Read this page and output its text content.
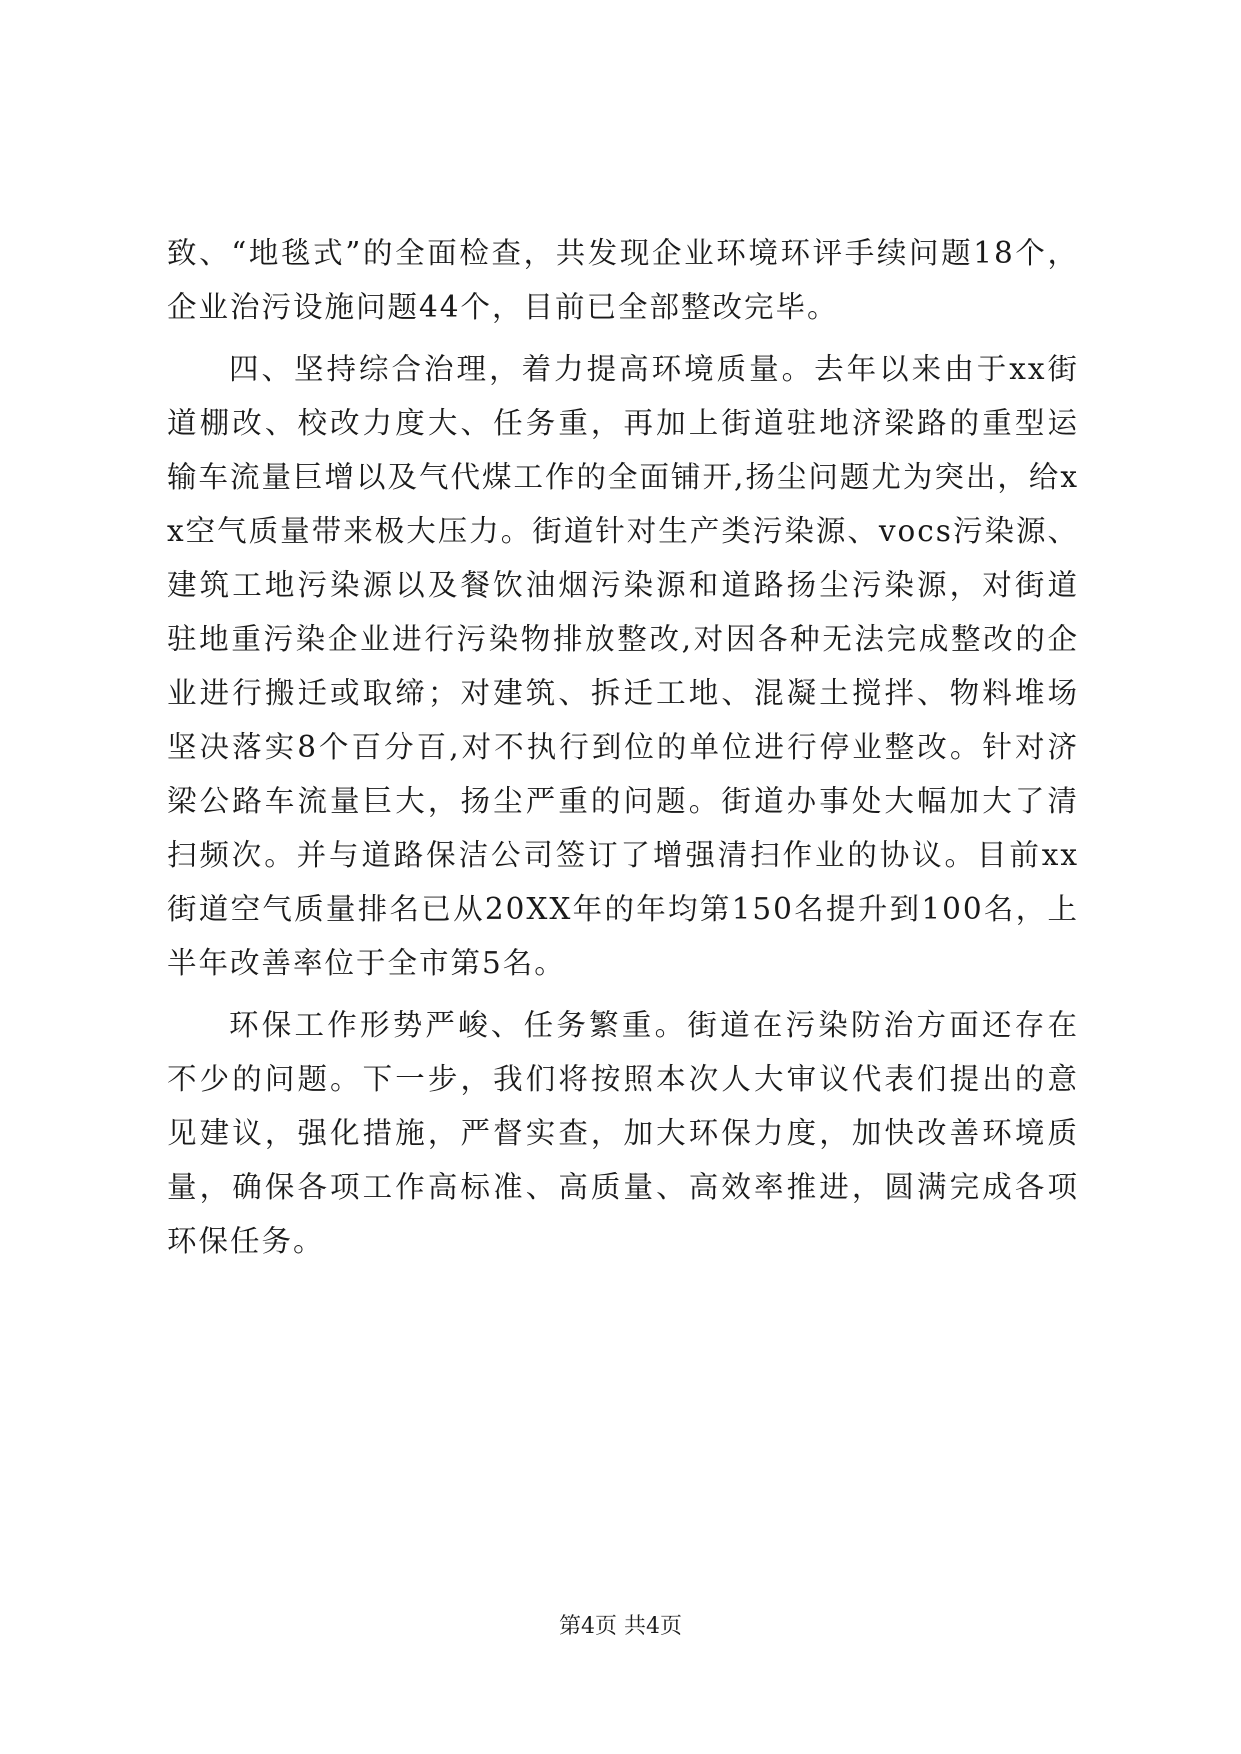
致、“地毯式”的全面检查，共发现企业环境环评手续问题18个，企业治污设施问题44个，目前已全部整改完毕。

四、坚持综合治理，着力提高环境质量。去年以来由于xx街道棚改、校改力度大、任务重，再加上街道驻地济梁路的重型运输车流量巨增以及气代煤工作的全面铺开,扬尘问题尤为突出，给xx空气质量带来极大压力。街道针对生产类污染源、vocs污染源、建筑工地污染源以及餐饮油烟污染源和道路扬尘污染源，对街道驻地重污染企业进行污染物排放整改,对因各种无法完成整改的企业进行搬迁或取缔；对建筑、拆迁工地、混凝土搅拌、物料堆场坚决落实8个百分百,对不执行到位的单位进行停业整改。针对济梁公路车流量巨大，扬尘严重的问题。街道办事处大幅加大了清扫频次。并与道路保洁公司签订了增强清扫作业的协议。目前xx街道空气质量排名已从20XX年的年均第150名提升到100名，上半年改善率位于全市第5名。

环保工作形势严峻、任务繁重。街道在污染防治方面还存在不少的问题。下一步，我们将按照本次人大审议代表们提出的意见建议，强化措施，严督实查，加大环保力度，加快改善环境质量，确保各项工作高标准、高质量、高效率推进，圆满完成各项环保任务。

第4页 共4页
